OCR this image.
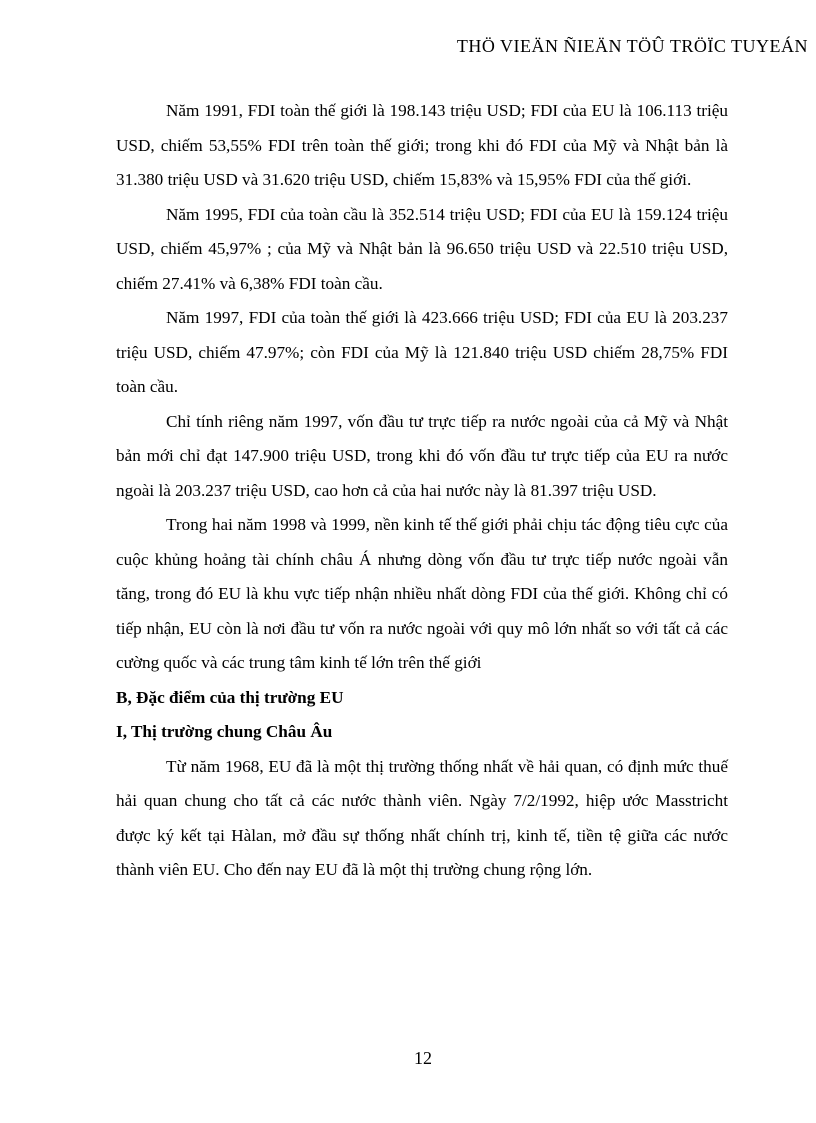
THÖ VIEÄN ÑIEÄN TÖÛ TRÖÏC TUYEÁN

Năm 1991, FDI toàn thế giới là 198.143 triệu USD; FDI của EU là 106.113 triệu USD, chiếm 53,55% FDI trên toàn thế giới; trong khi đó FDI của Mỹ và Nhật bản là 31.380 triệu USD và 31.620 triệu USD, chiếm 15,83% và 15,95% FDI của thế giới.

Năm 1995, FDI của toàn cầu là 352.514 triệu USD; FDI của EU là 159.124 triệu USD, chiếm 45,97% ; của Mỹ và Nhật bản là 96.650 triệu USD và 22.510 triệu USD, chiếm 27.41% và 6,38% FDI toàn cầu.

Năm 1997, FDI của toàn thế giới là 423.666 triệu USD; FDI của EU là 203.237 triệu USD, chiếm 47.97%; còn FDI của Mỹ là 121.840 triệu USD chiếm 28,75% FDI toàn cầu.

Chỉ tính riêng năm 1997, vốn đầu tư trực tiếp ra nước ngoài của cả Mỹ và Nhật bản mới chỉ đạt 147.900 triệu USD, trong khi đó vốn đầu tư trực tiếp của EU ra nước ngoài là 203.237 triệu USD, cao hơn cả của hai nước này là 81.397 triệu USD.

Trong hai năm 1998 và 1999, nền kinh tế thế giới phải chịu tác động tiêu cực của cuộc khủng hoảng tài chính châu Á nhưng dòng vốn đầu tư trực tiếp nước ngoài vẫn tăng, trong đó EU là khu vực tiếp nhận nhiều nhất dòng FDI của thế giới. Không chỉ có tiếp nhận, EU còn là nơi đầu tư vốn ra nước ngoài với quy mô lớn nhất so với tất cả các cường quốc và các trung tâm kinh tế lớn trên thế giới

B, Đặc điểm của thị trường EU

I, Thị trường chung Châu Âu

Từ năm 1968, EU đã là một thị trường thống nhất về hải quan, có định mức thuế hải quan chung cho tất cả các nước thành viên. Ngày 7/2/1992, hiệp ước Masstricht được ký kết tại Hàlan, mở đầu sự thống nhất chính trị, kinh tế, tiền tệ giữa các nước thành viên EU. Cho đến nay EU đã là một thị trường chung rộng lớn.

12
